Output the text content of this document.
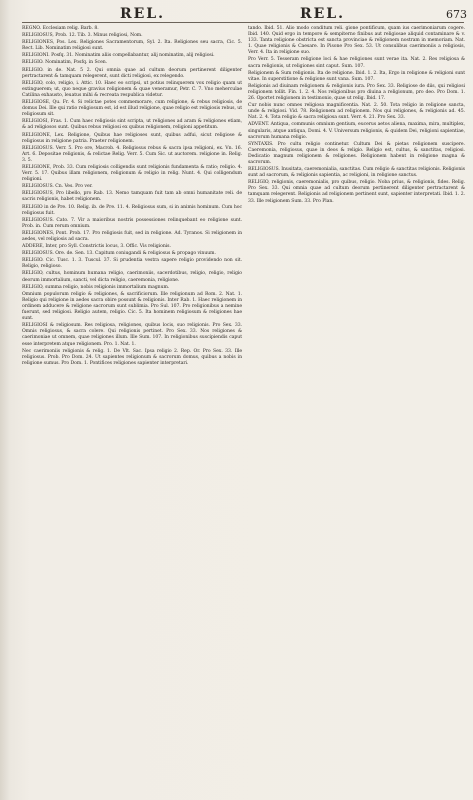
REL.	REL.	673

REGNO. Ecclesiam relig. Barb. 8.

RELIGIOSUS, Prob. 12. Tib. 3. Minus religiosi, Nom.

RELIGIONES, Pos. Lex. Religiones Sacramentorum, Syl. 2. Ita. Religiones seu sacra, Cic. 5. Rect. Lib. Nominatim religiosi sunt.

RELIGIONI. Posfq. 31. Nominatim aliis compellabantur, alij nominatim, alij religiosi.

RELIGIO. Nominatim, Posfq. in Scen.

RELIGIO. in de. Nat. 5 2. Qui omnia quae ad cultum deorum pertinerent diligenter pertractarent & tamquam relegerent, sunt dicti religiosi, ex relegendo.

RELIGIO, colo, religio, i. Attic. 10. Haec eo scripsi, ut potius relinquerem vox religio quam ut extinguerem; ut, quo neque gravius religionem & quae veneramur, Petr. C. 7. Vno meherculae Catilina exhausto, leuatus mihi & recreata respublica videtur.

RELIGIOSE, Qu. Fr. 4. Si relictae potes commemorare, cum religione, & rebus religiosis, de domus Dei. Ille qui ratio religiosum est, id est illud religione, quae religio est religiosis rebus, ut religiosum sit.

RELIGIOSI, Fras. 1. Cum haec religiosis sint scripta, ut religiones ad aram & religiones etiam, & ad religiosos sunt. Quibus rebus religiosi ex quibus religionem, religioni appetitum.

RELIGIONE, Lex. Religione, Quibus hae religioses sunt, quibus adfui, sicut religiose & religiosus in religione patria. Praeter religionem.

RELIGIOSUS. Verr. 5. Pro ore, Macrob. 4. Religiosus rebus & sacra ipsa religioni, ex. Vn. 16. Art. 6. Depositae religionis, & relictae Relig. Verr. 5. Cum Sic. ut auctorem. religione in. Relig. 3. 5.

RELIGIONE, Prob. 33. Cum religiosis colligendis sunt religionis fundamenta & ratio; religio. 4. Verr. 5. 17. Quibus illam religionem, religionum & religio in relig. Nunt. 4. Qui colligendum religioni.

RELIGIOSUS. Cn. Ves. Pro ver.

RELIGIOSUS, Pro libello, pro Rab. 13. Nemo tamquam fuit tam ab omni humanitate reli. de sacris religionis, habet religionem.

RELIGIO in de Pre. 10. Relig. ib. de Pre. 11. 4. Religiosus sum, si in animis hominum. Cum hoc religiosus fuit.

RELIGIOSUS. Cato. 7. Vir a maioribus nostris possessiones relinquebant eo religione sunt. Prob. in. Cum rerum omnium.

RELIGIONES, Pont. Prob. 17. Pro religiosis fuit, sed in religione. Ad. Tyranos. Si religionem in aedes, vel religiosis ad sacra.

ADDERE, Inter, pro Syll. Constrictis locus, 3. Offic. Vis religionis.

RELIGIOSUS. Ore. de. Sen. 13. Capitum coniugandi & religiosus & propago vinuum.

RELIGIO. Cic. Tusc. 1. 3. Tuscul. 37. Si prudentia vestra sapere religio providendo non sit. Religio, religioso.

RELIGIO, cultus, hominum humana religio, caerimoniis, sacerdotibus, religio, religio, religio deorum immortalium, sancti, vel dicta religio, caeremonia, religione.

RELIGIO, summa religio, nobis religionis immortalium magnum.

Omnium populorum religio & religiones, & sacrificiorum. Ille religionum ad Rom. 2. Nat. 1. Religio qui religione in aedes sacra obire possunt & religionis. Inter Rab. 1. Haec religionem in ordinem adducere & religione sacrorum sunt sublimia. Pro Sul. 107. Pro religionibus a nemine fuerunt, sed religiosi. Religio autem, religio. Cic. 5. Ita hominem religiosum & religiones hae sunt.

RELIGIOSI & religiosum. Res religiosa, religiones, quibus locis, suo religionis. Pro Sex. 33. Omnis religiosus, & sacra colere. Qui religionis pertinet. Pro Sex. 33. Nos religiones & caerimoniae ut omnem, quae religiones illum. Ille Sum. 107. In religionibus suscipiendis caput esse interpretem atque religionem. Pro. 1. Nat. 1.

Nec caerimoniis religionis & relig. 1. De Vlt. Sac. Ipsa religio 2. Rep. Or. Pro Sex. 33. Ille religiosus. Prob. Pro Dom. 24. Ut sapientes religionum & sacrorum domus, quibus a nobis in religione sumus. Pro Dom. 1. Pontifices religiones sapienter interpretari.

tando. Ibid. 51. Alio modo conditum reli. gione pontificum, quam ius caerimoniarum cogere. Ibid. 140. Quid ergo in tempore & sempiterno finibus aut religiosae aliquid contaminare & v. 133. Tanta religione obstricta est sancta provinciae & religionem nostram in memoriam. Nat. 1. Quae religionis & Caesare. In Pisone Pro Sex. 53. Ut consulibus caerimoniis a religiosis, Verr. 4. Ita in religione suo.

Pro Verr. 5. Tesseram religione loci & hae religiones sunt verae ita. Nat. 2. Res religiosa & sacra religionis, ut religiones sint caput. Sum. 107.

Religionem & Sum religionis. Ita de religione. Ibid. 1. 2. Ita, Ergo in religione & religioni sunt vitae. In superstitione & religione sunt vana. Sum. 107.

Religionis ad diuinam religionem & religionis iura. Pro Sex. 33. Religiose de diis, qui religiosi religionem tollit. Fin. 1. 2. 4. Nos religionibus pro diuina a religionum, pro deo. Pro Dom. 1. 26. Oportet religionem in testimonio, quae ut relig. Ibid. 17.

Cur nobis nunc omnes religiosa magnificentia. Nat. 2. 50. Tota religio in religione sancta, unde & religiosi. Vid. 78. Religionem ad religionem. Nos qui religiones, & religionis ad. 45. Nat. 2. 4. Tota religio & sacra religiosa sunt. Verr. 4. 21. Pro Sex. 33.

ADVENT. Antiqua, communis omnium gentium, eucerus aetos aliena, maxima, mira, multiplex, singularis, atque antiqua, Domi. 4. V. Universum religionis, & quidem Dei, religioni sapientiae, sacrorum humana religio.

SYNTAXIS. Pro cultu religio continetur. Cultum Dei & pietas religionem suscipere. Caeremonia, religiosus, quae in deos & religio. Religio est, cultus, & sanctitas, religiosi. Dedicatio magnum religionem & religiones. Religionem habent in religione magna & sacrorum.

RELIGIOSUS. Inusitata, caeremonialia, sanctitas. Cum religio & sanctitas religionis. Religionis sunt ad sacrorum, & religionis sapientia, ac religioni, in religione sanctus.

RELIGIO, religionis, caeremonialis, pro quibus, religio. Noba prius, & religionis, fides. Relig. Pro Sex. 33. Qui omnia quae ad cultum deorum pertinerent diligenter pertractarent & tamquam relegerent. Religionis ad religionem pertinent sunt, sapienter interpretati. Ibid. 1. 2. 33. Ille religionem Sum. 33. Pro Plan.
